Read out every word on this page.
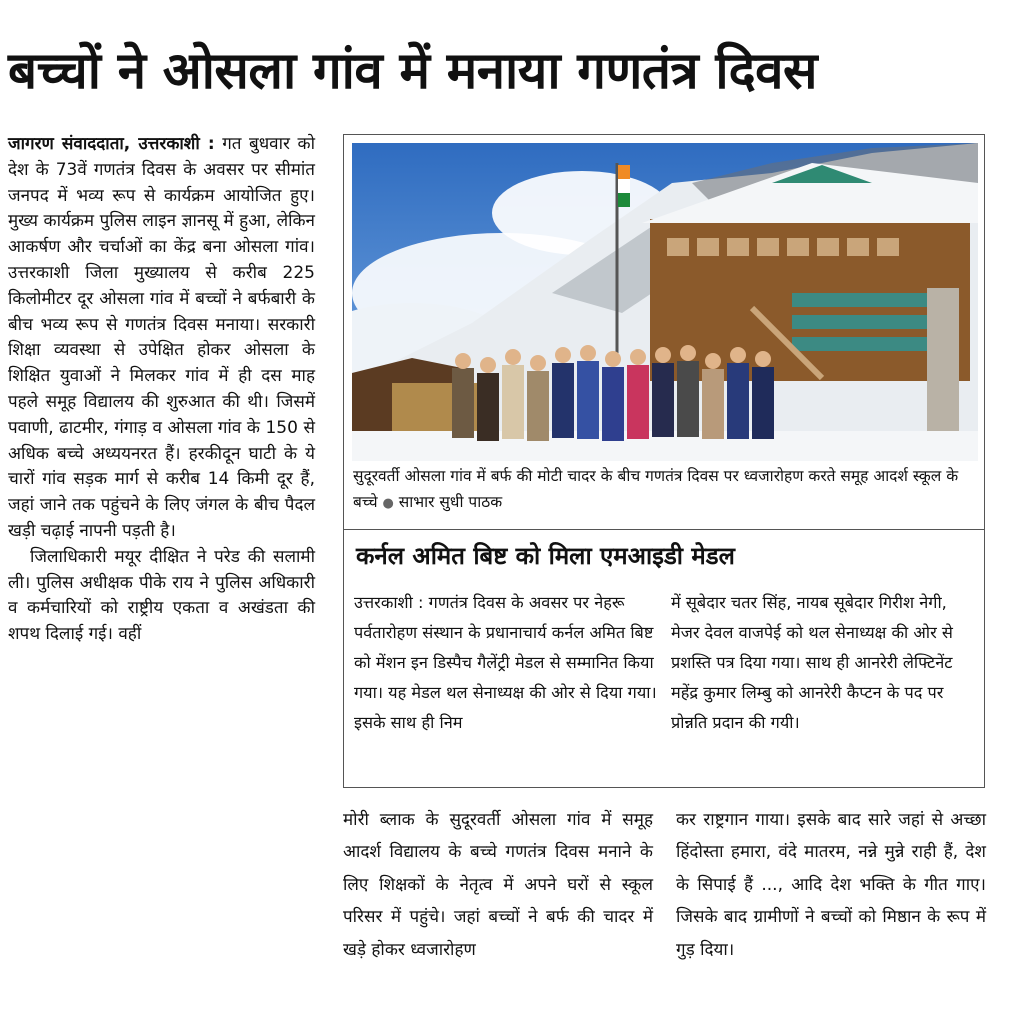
बच्चों ने ओसला गांव में मनाया गणतंत्र दिवस

जागरण संवाददाता, उत्तरकाशी : गत बुधवार को देश के 73वें गणतंत्र दिवस के अवसर पर सीमांत जनपद में भव्य रूप से कार्यक्रम आयोजित हुए। मुख्य कार्यक्रम पुलिस लाइन ज्ञानसू में हुआ, लेकिन आकर्षण और चर्चाओं का केंद्र बना ओसला गांव। उत्तरकाशी जिला मुख्यालय से करीब 225 किलोमीटर दूर ओसला गांव में बच्चों ने बर्फबारी के बीच भव्य रूप से गणतंत्र दिवस मनाया। सरकारी शिक्षा व्यवस्था से उपेक्षित होकर ओसला के शिक्षित युवाओं ने मिलकर गांव में ही दस माह पहले समूह विद्यालय की शुरुआत की थी। जिसमें पवाणी, ढाटमीर, गंगाड़ व ओसला गांव के 150 से अधिक बच्चे अध्ययनरत हैं। हरकीदून घाटी के ये चारों गांव सड़क मार्ग से करीब 14 किमी दूर हैं, जहां जाने तक पहुंचने के लिए जंगल के बीच पैदल खड़ी चढ़ाई नापनी पड़ती है।

जिलाधिकारी मयूर दीक्षित ने परेड की सलामी ली। पुलिस अधीक्षक पीके राय ने पुलिस अधिकारी व कर्मचारियों को राष्ट्रीय एकता व अखंडता की शपथ दिलाई गई। वहीं

सुदूरवर्ती ओसला गांव में बर्फ की मोटी चादर के बीच गणतंत्र दिवस पर ध्वजारोहण करते समूह आदर्श स्कूल के बच्चे ● साभार सुधी पाठक

कर्नल अमित बिष्ट को मिला एमआइडी मेडल

उत्तरकाशी : गणतंत्र दिवस के अवसर पर नेहरू पर्वतारोहण संस्थान के प्रधानाचार्य कर्नल अमित बिष्ट को मेंशन इन डिस्पैच गैलेंट्री मेडल से सम्मानित किया गया। यह मेडल थल सेनाध्यक्ष की ओर से दिया गया। इसके साथ ही निम

में सूबेदार चतर सिंह, नायब सूबेदार गिरीश नेगी, मेजर देवल वाजपेई को थल सेनाध्यक्ष की ओर से प्रशस्ति पत्र दिया गया। साथ ही आनरेरी लेफ्टिनेंट महेंद्र कुमार लिम्बु को आनरेरी कैप्टन के पद पर प्रोन्नति प्रदान की गयी।

मोरी ब्लाक के सुदूरवर्ती ओसला गांव में समूह आदर्श विद्यालय के बच्चे गणतंत्र दिवस मनाने के लिए शिक्षकों के नेतृत्व में अपने घरों से स्कूल परिसर में पहुंचे। जहां बच्चों ने बर्फ की चादर में खड़े होकर ध्वजारोहण

कर राष्ट्रगान गाया। इसके बाद सारे जहां से अच्छा हिंदोस्ता हमारा, वंदे मातरम, नन्ने मुन्ने राही हैं, देश के सिपाई हैं ..., आदि देश भक्ति के गीत गाए। जिसके बाद ग्रामीणों ने बच्चों को मिष्ठान के रूप में गुड़ दिया।
